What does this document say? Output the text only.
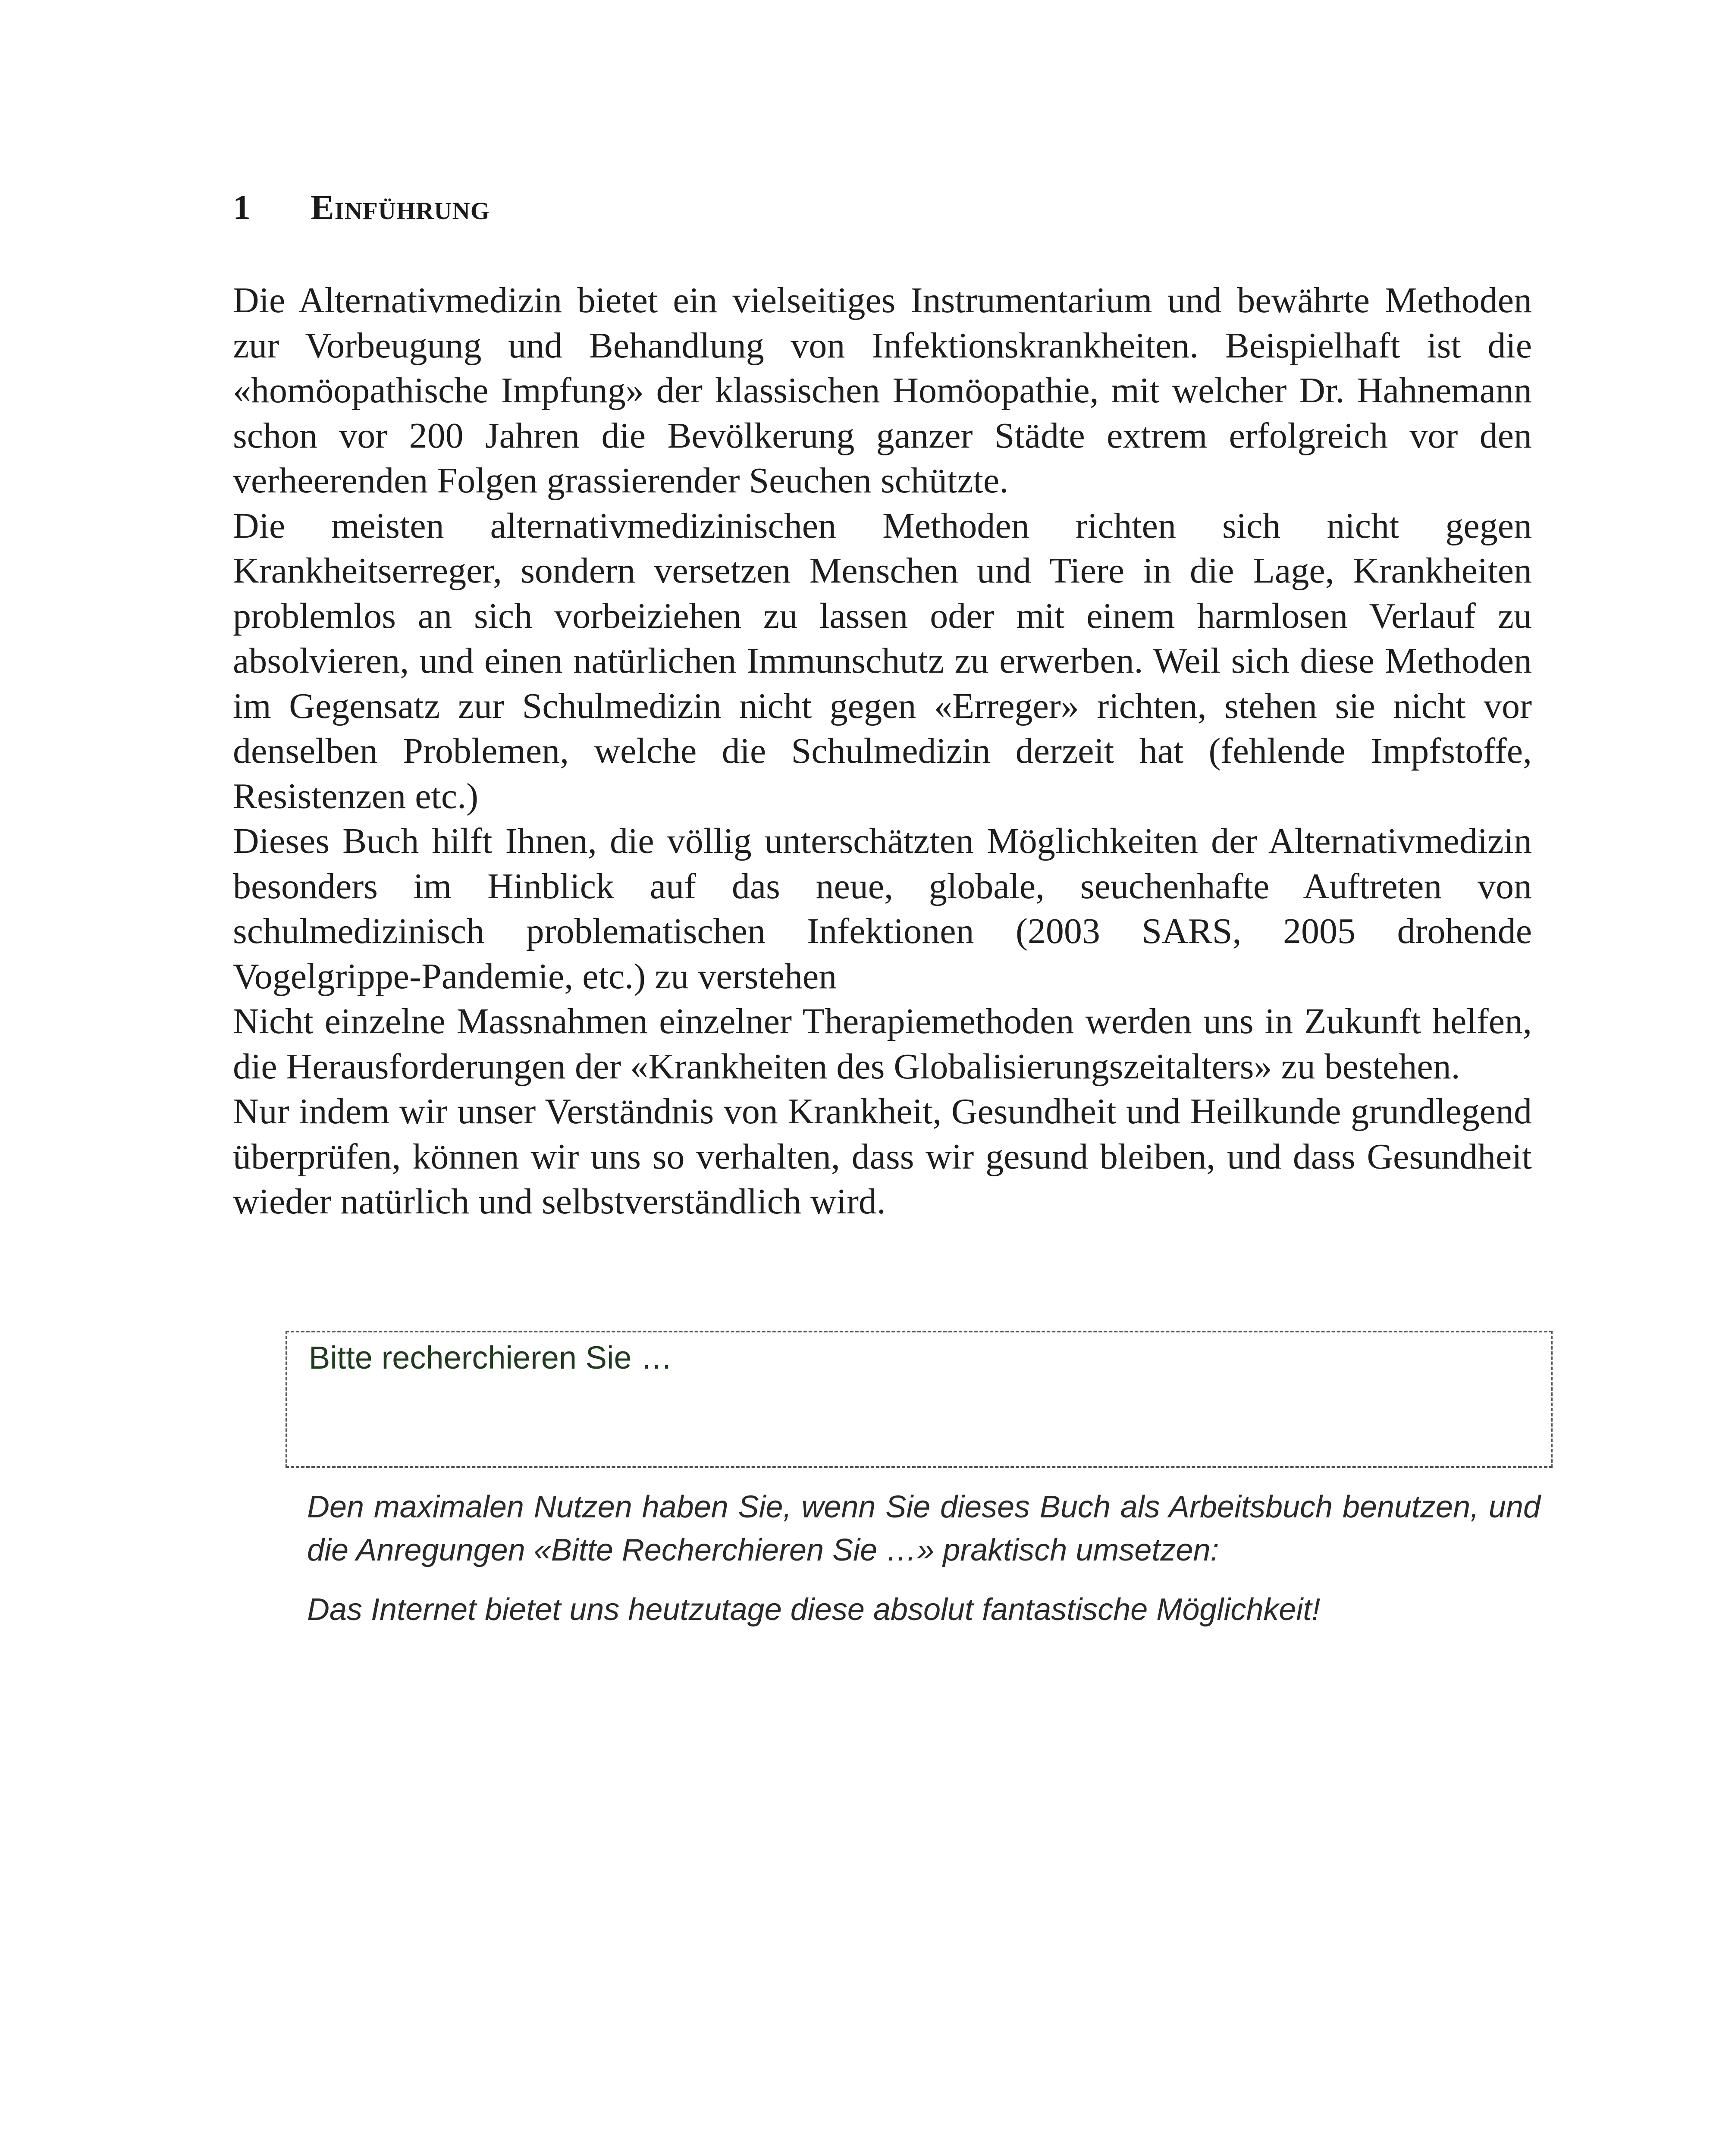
1 Einführung

Die Alternativmedizin bietet ein vielseitiges Instrumentarium und bewährte Methoden zur Vorbeugung und Behandlung von Infektionskrankheiten. Beispielhaft ist die «homöopathische Impfung» der klassischen Homöopathie, mit welcher Dr. Hahnemann schon vor 200 Jahren die Bevölkerung ganzer Städte extrem erfolgreich vor den verheerenden Folgen grassierender Seuchen schützte.

Die meisten alternativmedizinischen Methoden richten sich nicht gegen Krankheitserreger, sondern versetzen Menschen und Tiere in die Lage, Krankheiten problemlos an sich vorbeiziehen zu lassen oder mit einem harmlosen Verlauf zu absolvieren, und einen natürlichen Immunschutz zu erwerben. Weil sich diese Methoden im Gegensatz zur Schulmedizin nicht gegen «Erreger» richten, stehen sie nicht vor denselben Problemen, welche die Schulmedizin derzeit hat (fehlende Impfstoffe, Resistenzen etc.)

Dieses Buch hilft Ihnen, die völlig unterschätzten Möglichkeiten der Alternativmedizin besonders im Hinblick auf das neue, globale, seuchenhafte Auftreten von schulmedizinisch problematischen Infektionen (2003 SARS, 2005 drohende Vogelgrippe-Pandemie, etc.) zu verstehen

Nicht einzelne Massnahmen einzelner Therapiemethoden werden uns in Zukunft helfen, die Herausforderungen der «Krankheiten des Globalisierungszeitalters» zu bestehen.

Nur indem wir unser Verständnis von Krankheit, Gesundheit und Heilkunde grundlegend überprüfen, können wir uns so verhalten, dass wir gesund bleiben, und dass Gesundheit wieder natürlich und selbstverständlich wird.

Bitte recherchieren Sie …

Den maximalen Nutzen haben Sie, wenn Sie dieses Buch als Arbeitsbuch benutzen, und die Anregungen «Bitte Recherchieren Sie …» praktisch umsetzen:

Das Internet bietet uns heutzutage diese absolut fantastische Möglichkeit!
